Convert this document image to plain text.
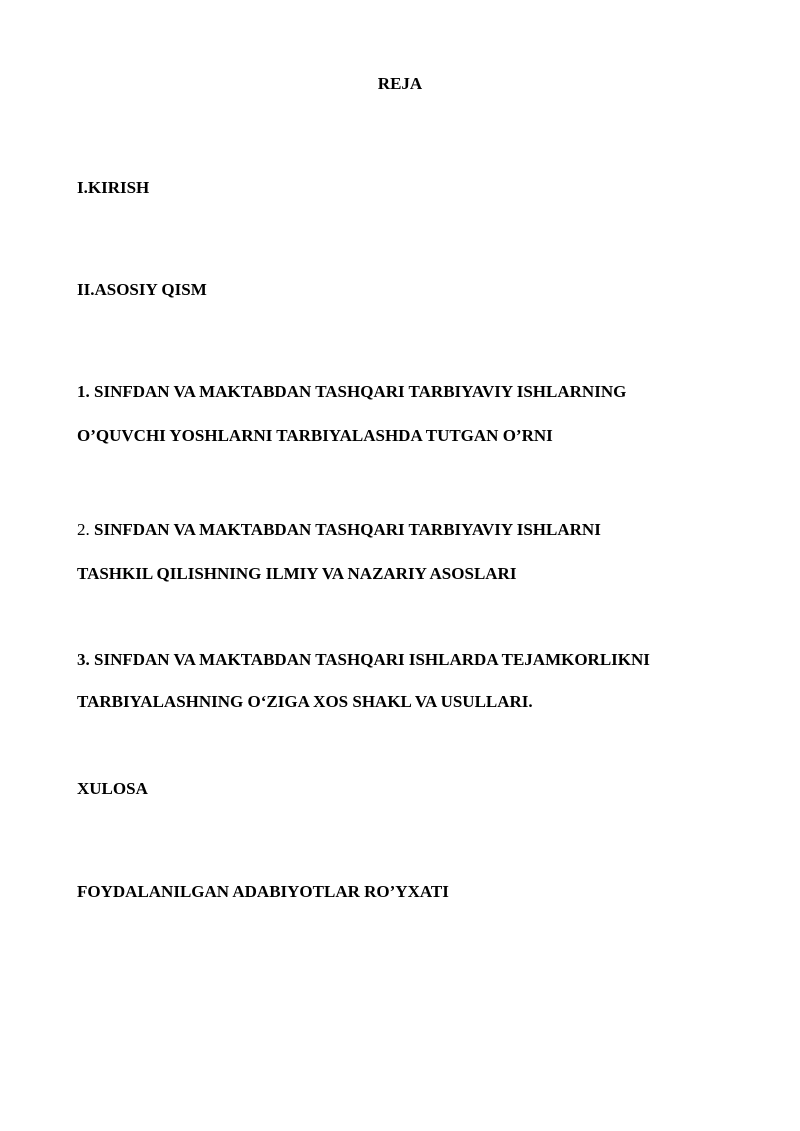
REJA
I.KIRISH
II.ASOSIY QISM
1. SINFDAN VA MAKTABDAN TASHQARI TARBIYAVIY ISHLARNING
O’QUVCHI YOSHLARNI TARBIYALASHDA TUTGAN O’RNI
2. SINFDAN VA MAKTABDAN TASHQARI TARBIYAVIY ISHLARNI
TASHKIL QILISHNING ILMIY VA NAZARIY ASOSLARI
3. SINFDAN VA MAKTABDAN TASHQARI ISHLARDA TEJAMKORLIKNI
TARBIYALASHNING O‘ZIGA XOS SHAKL VA USULLARI.
XULOSA
FOYDALANILGAN ADABIYOTLAR RO’YXATI
